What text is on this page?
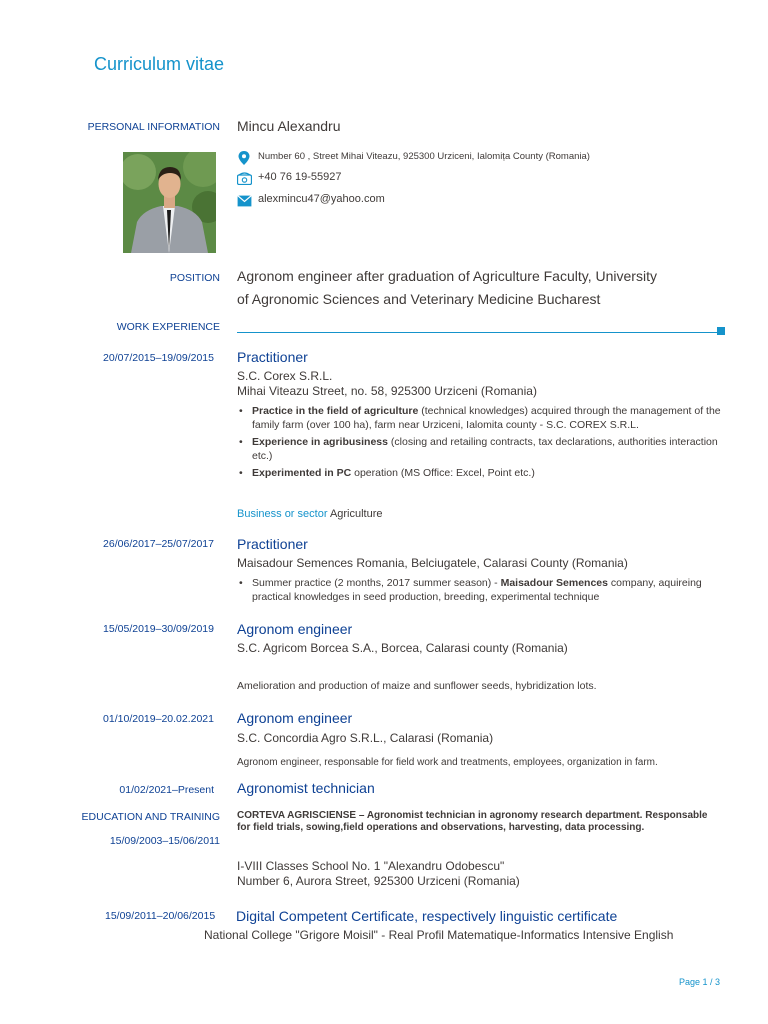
Curriculum vitae
PERSONAL INFORMATION Mincu Alexandru
Number 60 , Street Mihai Viteazu, 925300 Urziceni, Ialomița County (Romania)
+40 76 19-55927
alexmincu47@yahoo.com
POSITION Agronom engineer after graduation of Agriculture Faculty, University
of Agronomic Sciences and Veterinary Medicine Bucharest
WORK EXPERIENCE
20/07/2015–19/09/2015 Practitioner
S.C. Corex S.R.L.
Mihai Viteazu Street, no. 58, 925300 Urziceni (Romania)
• Practice in the field of agriculture (technical knowledges) acquired through the management of the family farm (over 100 ha), farm near Urziceni, Ialomita county - S.C. COREX S.R.L.
• Experience in agribusiness (closing and retailing contracts, tax declarations, authorities interaction etc.)
• Experimented in PC operation (MS Office: Excel, Point etc.)
Business or sector Agriculture
26/06/2017–25/07/2017 Practitioner
Maisadour Semences Romania, Belciugatele, Calarasi County (Romania)
• Summer practice (2 months, 2017 summer season) - Maisadour Semences company, aquireing practical knowledges in seed production, breeding, experimental technique
15/05/2019–30/09/2019 Agronom engineer
S.C. Agricom Borcea S.A., Borcea, Calarasi county (Romania)
Amelioration and production of maize and sunflower seeds, hybridization lots.
01/10/2019–20.02.2021 Agronom engineer
S.C. Concordia Agro S.R.L., Calarasi (Romania)
Agronom engineer, responsable for field work and treatments, employees, organization in farm.
01/02/2021–Present Agronomist technician
EDUCATION AND TRAINING CORTEVA AGRISCIENSE – Agronomist technician in agronomy research department. Responsable for field trials, sowing,field operations and observations, harvesting, data processing.
15/09/2003–15/06/2011
I-VIII Classes School No. 1 "Alexandru Odobescu"
Number 6, Aurora Street, 925300 Urziceni (Romania)
15/09/2011–20/06/2015 Digital Competent Certificate, respectively linguistic certificate
National College "Grigore Moisil" - Real Profil Matematique-Informatics Intensive English
Page 1 / 3
